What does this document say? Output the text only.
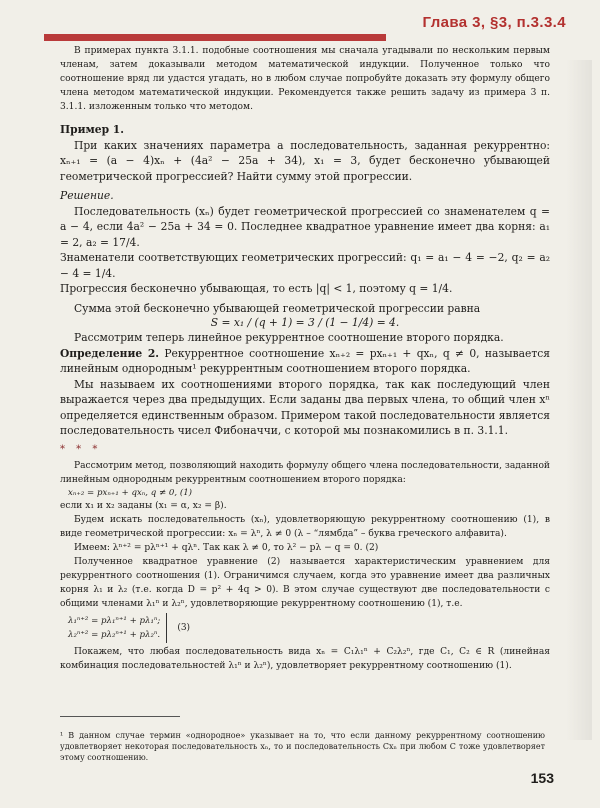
Глава 3, §3, п.3.3.4

В примерах пункта 3.1.1. подобные соотношения мы сначала угадывали по нескольким первым членам, затем доказывали методом математической индукции. Полученное только что соотношение вряд ли удастся угадать, но в любом случае попробуйте доказать эту формулу общего члена методом математической индукции. Рекомендуется также решить задачу из примера 3 п. 3.1.1. изложенным только что методом.

Пример 1.

При каких значениях параметра a последовательность, заданная рекуррентно: xₙ₊₁ = (a − 4)xₙ + (4a² − 25a + 34), x₁ = 3, будет бесконечно убывающей геометрической прогрессией? Найти сумму этой прогрессии.

Решение.

Последовательность (xₙ) будет геометрической прогрессией со знаменателем q = a − 4, если 4a² − 25a + 34 = 0. Последнее квадратное уравнение имеет два корня: a₁ = 2, a₂ = 17/4.

Знаменатели соответствующих геометрических прогрессий: q₁ = a₁ − 4 = −2, q₂ = a₂ − 4 = 1/4.

Прогрессия бесконечно убывающая, то есть |q| < 1, поэтому q = 1/4.

Сумма этой бесконечно убывающей геометрической прогрессии равна

S = x₁ / (q + 1) = 3 / (1 − 1/4) = 4.

Рассмотрим теперь линейное рекуррентное соотношение второго порядка.

Определение 2. Рекуррентное соотношение xₙ₊₂ = pxₙ₊₁ + qxₙ, q ≠ 0, называется линейным однородным¹ рекуррентным соотношением второго порядка.

Мы называем их соотношениями второго порядка, так как последующий член выражается через два предыдущих. Если заданы два первых члена, то общий член xⁿ определяется единственным образом. Примером такой последовательности является последовательность чисел Фибоначчи, с которой мы познакомились в п. 3.1.1.

* * *

Рассмотрим метод, позволяющий находить формулу общего члена последовательности, заданной линейным однородным рекуррентным соотношением второго порядка:

xₙ₊₂ = pxₙ₊₁ + qxₙ, q ≠ 0, (1)

если x₁ и x₂ заданы (x₁ = α, x₂ = β).

Будем искать последовательность (xₙ), удовлетворяющую рекуррентному соотношению (1), в виде геометрической прогрессии: xₙ = λⁿ, λ ≠ 0 (λ – “лямбда” – буква греческого алфавита).

Имеем: λⁿ⁺² = pλⁿ⁺¹ + qλⁿ. Так как λ ≠ 0, то λ² − pλ − q = 0. (2)

Полученное квадратное уравнение (2) называется характеристическим уравнением для рекуррентного соотношения (1). Ограничимся случаем, когда это уравнение имеет два различных корня λ₁ и λ₂ (т.е. когда D = p² + 4q > 0). В этом случае существуют две последовательности с общими членами λ₁ⁿ и λ₂ⁿ, удовлетворяющие рекуррентному соотношению (1), т.е.

λ₁ⁿ⁺² = pλ₁ⁿ⁺¹ + pλ₁ⁿ;
λ₂ⁿ⁺² = pλ₂ⁿ⁺¹ + pλ₂ⁿ.
(3)

Покажем, что любая последовательность вида xₙ = C₁λ₁ⁿ + C₂λ₂ⁿ, где C₁, C₂ ∈ R (линейная комбинация последовательностей λ₁ⁿ и λ₂ⁿ), удовлетворяет рекуррентному соотношению (1).

¹ В данном случае термин «однородное» указывает на то, что если данному рекуррентному соотношению удовлетворяет некоторая последовательность xₙ, то и последовательность Cxₙ при любом C тоже удовлетворяет этому соотношению.

153
